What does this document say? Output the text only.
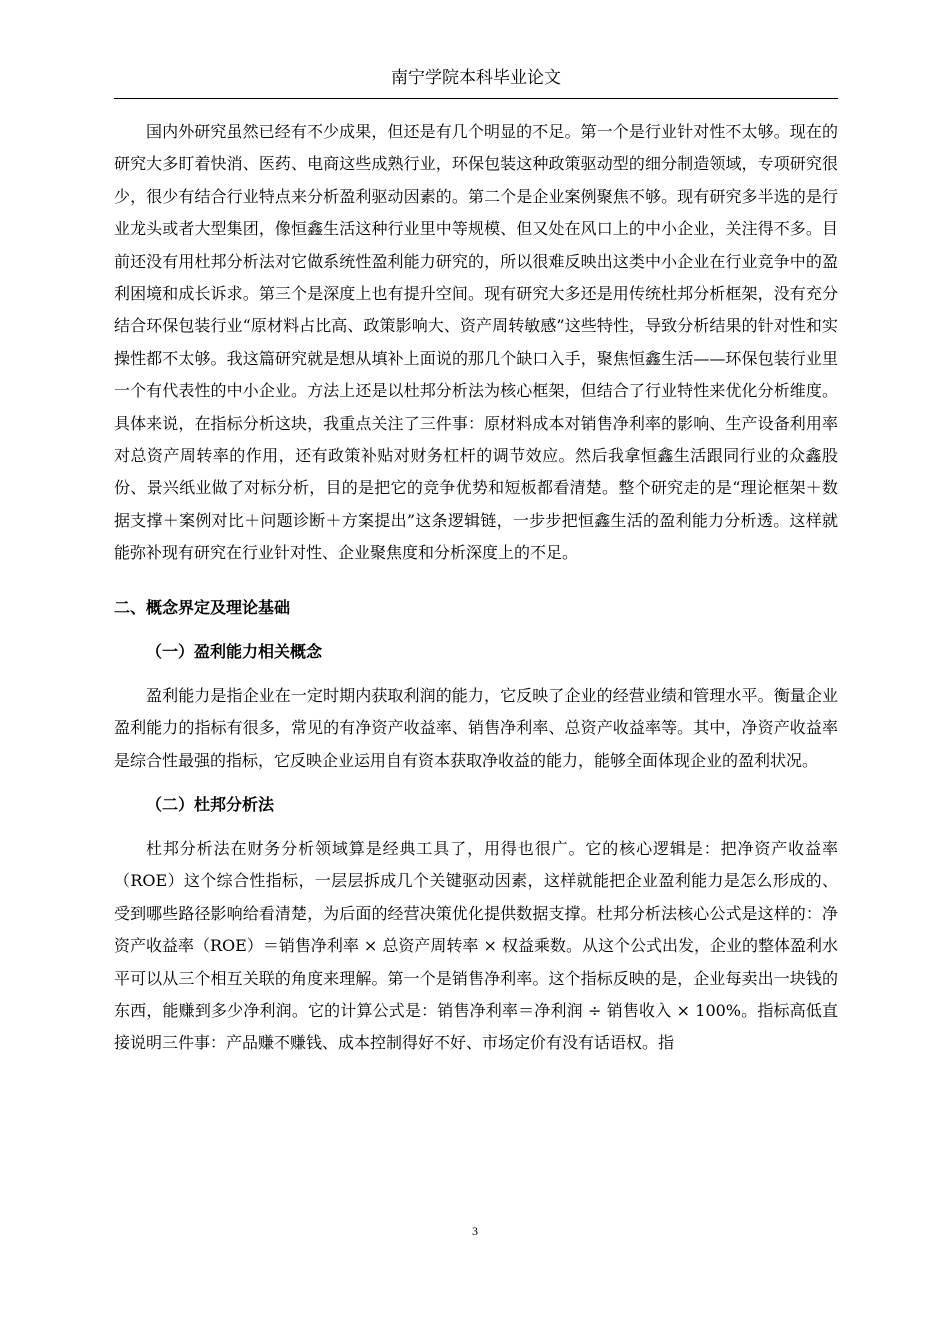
南宁学院本科毕业论文

国内外研究虽然已经有不少成果，但还是有几个明显的不足。第一个是行业针对性不太够。现在的研究大多盯着快消、医药、电商这些成熟行业，环保包装这种政策驱动型的细分制造领域，专项研究很少，很少有结合行业特点来分析盈利驱动因素的。第二个是企业案例聚焦不够。现有研究多半选的是行业龙头或者大型集团，像恒鑫生活这种行业里中等规模、但又处在风口上的中小企业，关注得不多。目前还没有用杜邦分析法对它做系统性盈利能力研究的，所以很难反映出这类中小企业在行业竞争中的盈利困境和成长诉求。第三个是深度上也有提升空间。现有研究大多还是用传统杜邦分析框架，没有充分结合环保包装行业“原材料占比高、政策影响大、资产周转敏感”这些特性，导致分析结果的针对性和实操性都不太够。我这篇研究就是想从填补上面说的那几个缺口入手，聚焦恒鑫生活——环保包装行业里一个有代表性的中小企业。方法上还是以杜邦分析法为核心框架，但结合了行业特性来优化分析维度。具体来说，在指标分析这块，我重点关注了三件事：原材料成本对销售净利率的影响、生产设备利用率对总资产周转率的作用，还有政策补贴对财务杠杆的调节效应。然后我拿恒鑫生活跟同行业的众鑫股份、景兴纸业做了对标分析，目的是把它的竞争优势和短板都看清楚。整个研究走的是“理论框架＋数据支撑＋案例对比＋问题诊断＋方案提出”这条逻辑链，一步步把恒鑫生活的盈利能力分析透。这样就能弥补现有研究在行业针对性、企业聚焦度和分析深度上的不足。

二、概念界定及理论基础
（一）盈利能力相关概念

盈利能力是指企业在一定时期内获取利润的能力，它反映了企业的经营业绩和管理水平。衡量企业盈利能力的指标有很多，常见的有净资产收益率、销售净利率、总资产收益率等。其中，净资产收益率是综合性最强的指标，它反映企业运用自有资本获取净收益的能力，能够全面体现企业的盈利状况。

（二）杜邦分析法

杜邦分析法在财务分析领域算是经典工具了，用得也很广。它的核心逻辑是：把净资产收益率（ROE）这个综合性指标，一层层拆成几个关键驱动因素，这样就能把企业盈利能力是怎么形成的、受到哪些路径影响给看清楚，为后面的经营决策优化提供数据支撑。杜邦分析法核心公式是这样的：净资产收益率（ROE）＝销售净利率 × 总资产周转率 × 权益乘数。从这个公式出发，企业的整体盈利水平可以从三个相互关联的角度来理解。第一个是销售净利率。这个指标反映的是，企业每卖出一块钱的东西，能赚到多少净利润。它的计算公式是：销售净利率＝净利润 ÷ 销售收入 × 100%。指标高低直接说明三件事：产品赚不赚钱、成本控制得好不好、市场定价有没有话语权。指

3
